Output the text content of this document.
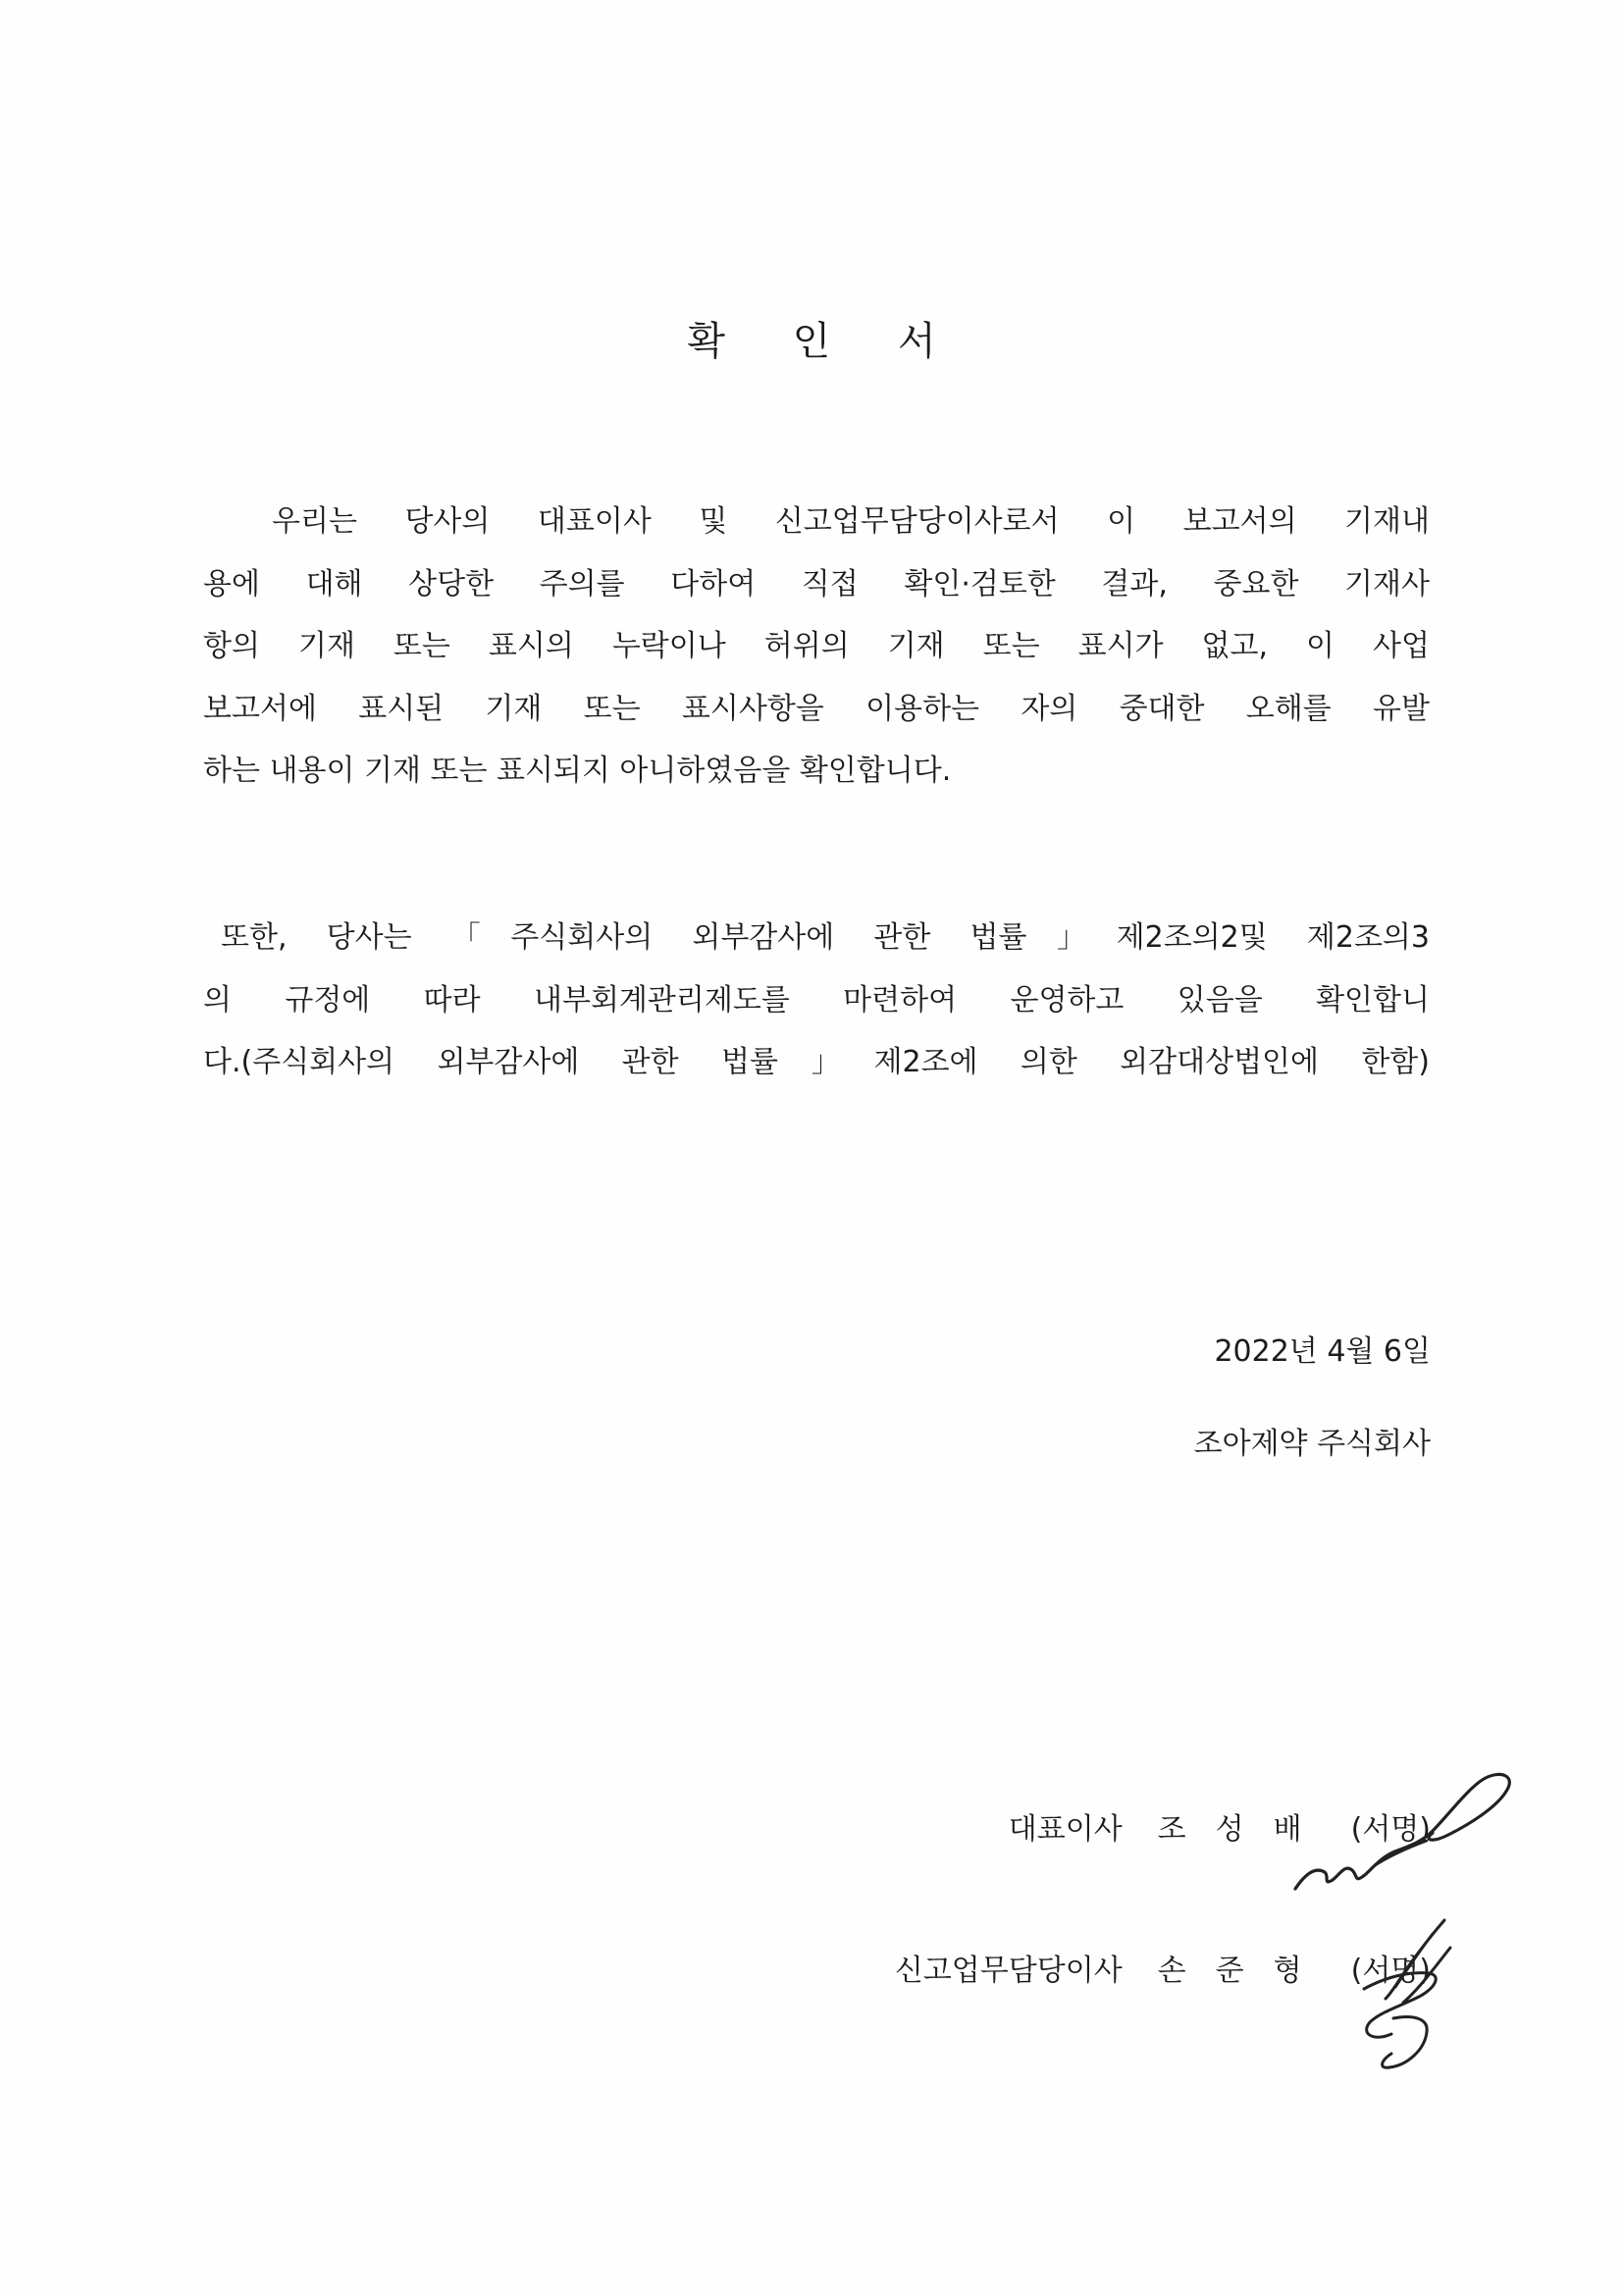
확 인 서
우리는 당사의 대표이사 및 신고업무담당이사로서 이 보고서의 기재내
용에 대해 상당한 주의를 다하여 직접 확인·검토한 결과, 중요한 기재사
항의 기재 또는 표시의 누락이나 허위의 기재 또는 표시가 없고, 이 사업
보고서에 표시된 기재 또는 표시사항을 이용하는 자의 중대한 오해를 유발
하는 내용이 기재 또는 표시되지 아니하였음을 확인합니다.
또한, 당사는 「주식회사의 외부감사에 관한 법률」제2조의2및 제2조의3
의 규정에 따라 내부회계관리제도를 마련하여 운영하고 있음을 확인합니
다.(주식회사의 외부감사에 관한 법률」제2조에 의한 외감대상법인에 한함)
2022년 4월 6일
조아제약 주식회사
대표이사 조성배 (서명)
신고업무담당이사 손준형 (서명)
